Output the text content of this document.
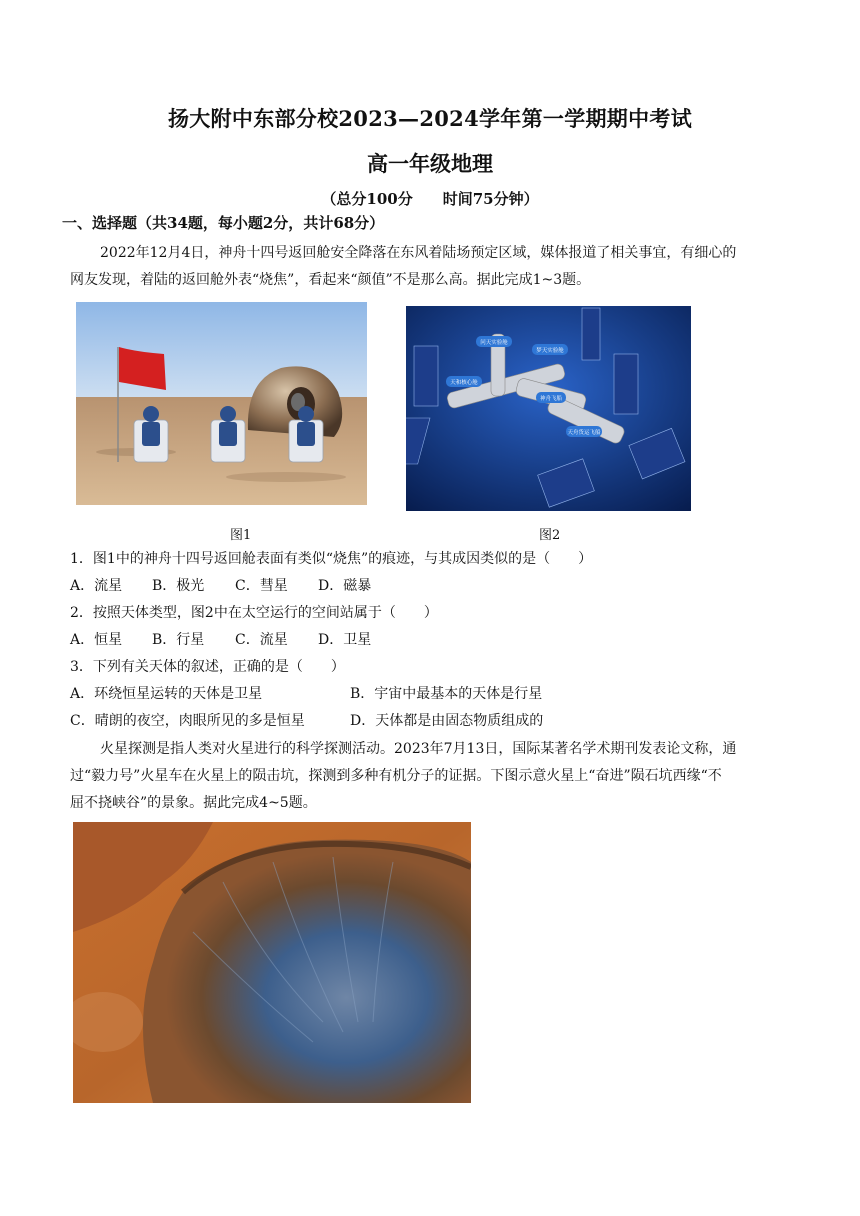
扬大附中东部分校2023—2024学年第一学期期中考试
高一年级地理
（总分100分 时间75分钟）
一、选择题（共34题，每小题2分，共计68分）
2022年12月4日，神舟十四号返回舱安全降落在东风着陆场预定区域，媒体报道了相关事宜，有细心的
网友发现，着陆的返回舱外表“烧焦”，看起来“颜值”不是那么高。据此完成1~3题。
问天实验舱
梦天实验舱
天和核心舱
神舟飞船
天舟货运飞船
图1	图2
1．图1中的神舟十四号返回舱表面有类似“烧焦”的痕迹，与其成因类似的是（　　）
A．流星 B．极光 C．彗星 D．磁暴
2．按照天体类型，图2中在太空运行的空间站属于（　　）
A．恒星 B．行星 C．流星 D．卫星
3．下列有关天体的叙述，正确的是（　　）
A．环绕恒星运转的天体是卫星	B．宇宙中最基本的天体是行星
C．晴朗的夜空，肉眼所见的多是恒星	D．天体都是由固态物质组成的
火星探测是指人类对火星进行的科学探测活动。2023年7月13日，国际某著名学术期刊发表论文称，通
过“毅力号”火星车在火星上的陨击坑，探测到多种有机分子的证据。下图示意火星上“奋进”陨石坑西缘“不
屈不挠峡谷”的景象。据此完成4~5题。
